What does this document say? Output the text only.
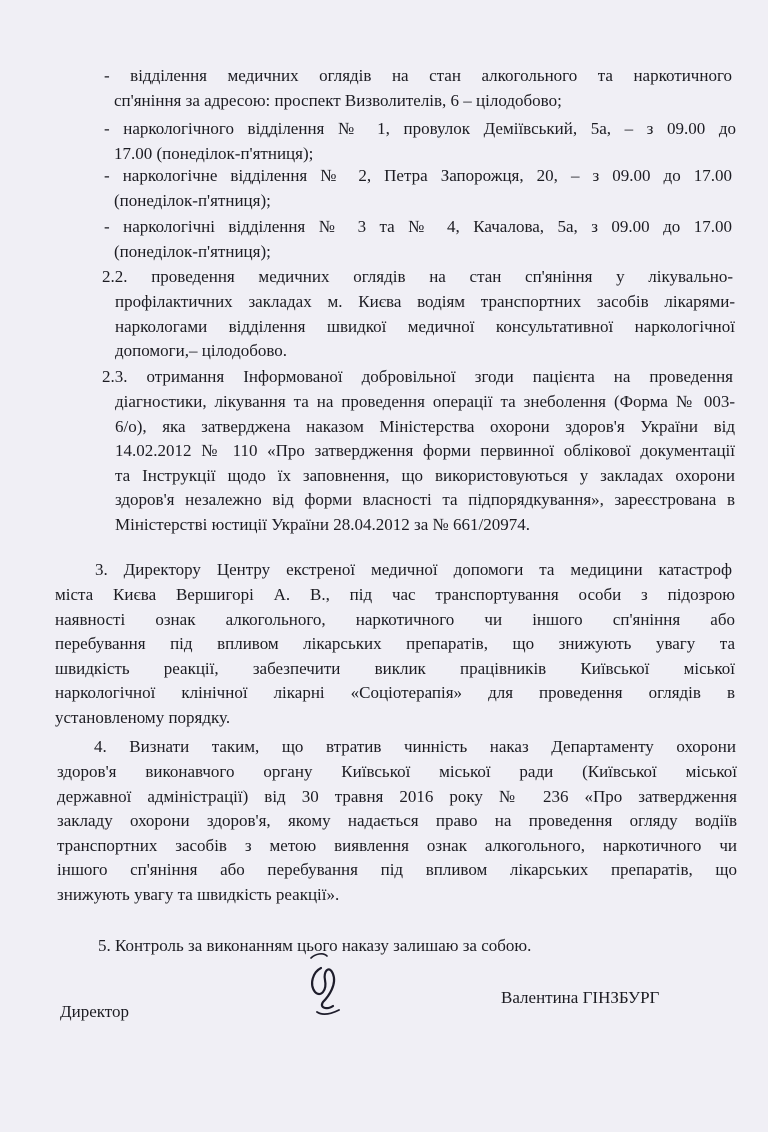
- відділення медичних оглядів на стан алкогольного та наркотичного
сп'яніння за адресою: проспект Визволителів, 6 – цілодобово;
- наркологічного відділення № 1, провулок Деміївський, 5а, – з 09.00 до
17.00 (понеділок-п'ятниця);
- наркологічне відділення № 2, Петра Запорожця, 20, – з 09.00 до 17.00
(понеділок-п'ятниця);
- наркологічні відділення № 3 та № 4, Качалова, 5а, з 09.00 до 17.00
(понеділок-п'ятниця);
2.2. проведення медичних оглядів на стан сп'яніння у лікувально-
профілактичних закладах м. Києва водіям транспортних засобів лікарями-
наркологами відділення швидкої медичної консультативної наркологічної
допомоги,– цілодобово.
2.3. отримання Інформованої добровільної згоди пацієнта на проведення
діагностики, лікування та на проведення операції та знеболення (Форма № 003-
6/о), яка затверджена наказом Міністерства охорони здоров'я України від
14.02.2012 № 110 «Про затвердження форми первинної облікової документації
та Інструкції щодо їх заповнення, що використовуються у закладах охорони
здоров'я незалежно від форми власності та підпорядкування», зареєстрована в
Міністерстві юстиції України 28.04.2012 за № 661/20974.
3. Директору Центру екстреної медичної допомоги та медицини катастроф
міста Києва Вершигорі А. В., під час транспортування особи з підозрою
наявності ознак алкогольного, наркотичного чи іншого сп'яніння або
перебування під впливом лікарських препаратів, що знижують увагу та
швидкість реакції, забезпечити виклик працівників Київської міської
наркологічної клінічної лікарні «Соціотерапія» для проведення оглядів в
установленому порядку.
4. Визнати таким, що втратив чинність наказ Департаменту охорони
здоров'я виконавчого органу Київської міської ради (Київської міської
державної адміністрації) від 30 травня 2016 року № 236 «Про затвердження
закладу охорони здоров'я, якому надається право на проведення огляду водіїв
транспортних засобів з метою виявлення ознак алкогольного, наркотичного чи
іншого сп'яніння або перебування під впливом лікарських препаратів, що
знижують увагу та швидкість реакції».
5. Контроль за виконанням цього наказу залишаю за собою.
Директор
Валентина ГІНЗБУРГ
